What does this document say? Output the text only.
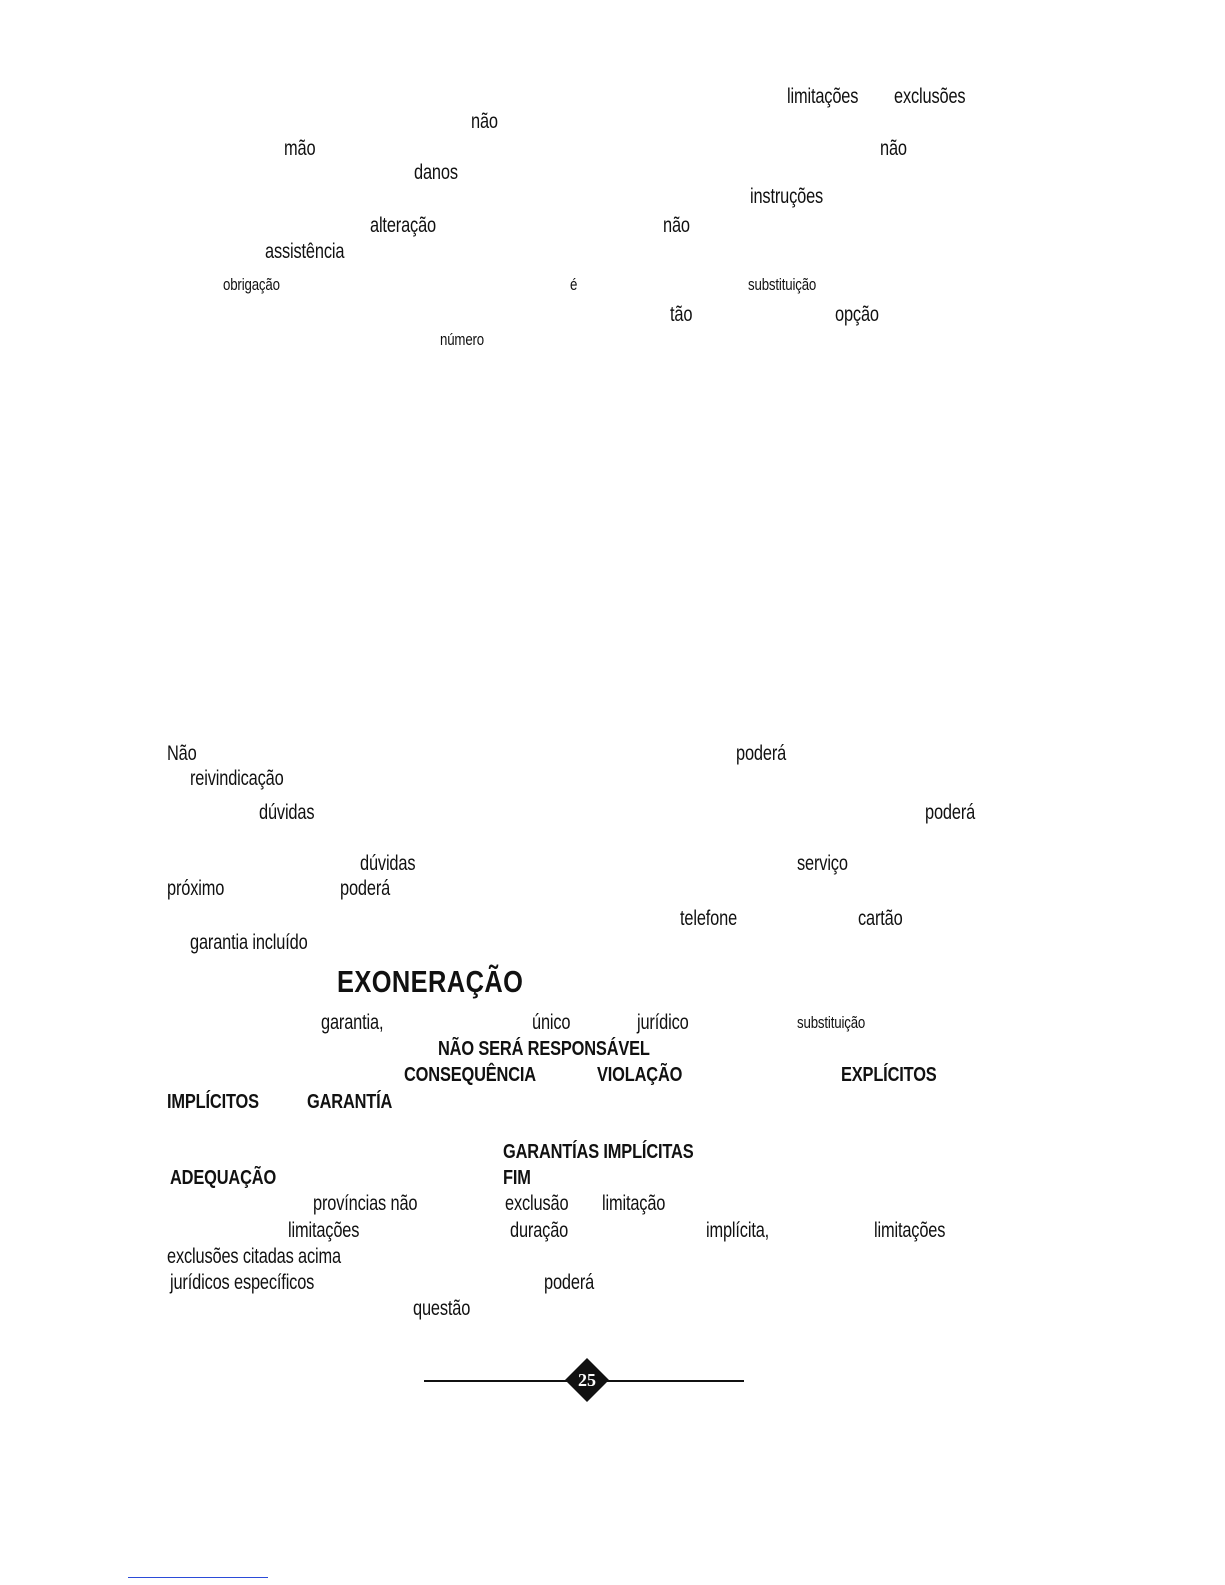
limitações exclusões
não
mão	não
danos
instruções
alteração	não
assistência
obrigação	é	substituição
tão	opção
número
Não	poderá
reivindicação
dúvidas	poderá
dúvidas	serviço
próximo	poderá
telefone	cartão
garantia incluído
EXONERAÇÃO
garantia,	único	jurídico	substituição
NÃO SERÁ RESPONSÁVEL
CONSEQUÊNCIA	VIOLAÇÃO	EXPLÍCITOS
IMPLÍCITOS GARANTÍA
GARANTÍAS IMPLÍCITAS
ADEQUAÇÃO	FIM
províncias não	exclusão limitação
limitações	duração	implícita,	limitações
exclusões citadas acima
jurídicos específicos	poderá
questão
25
